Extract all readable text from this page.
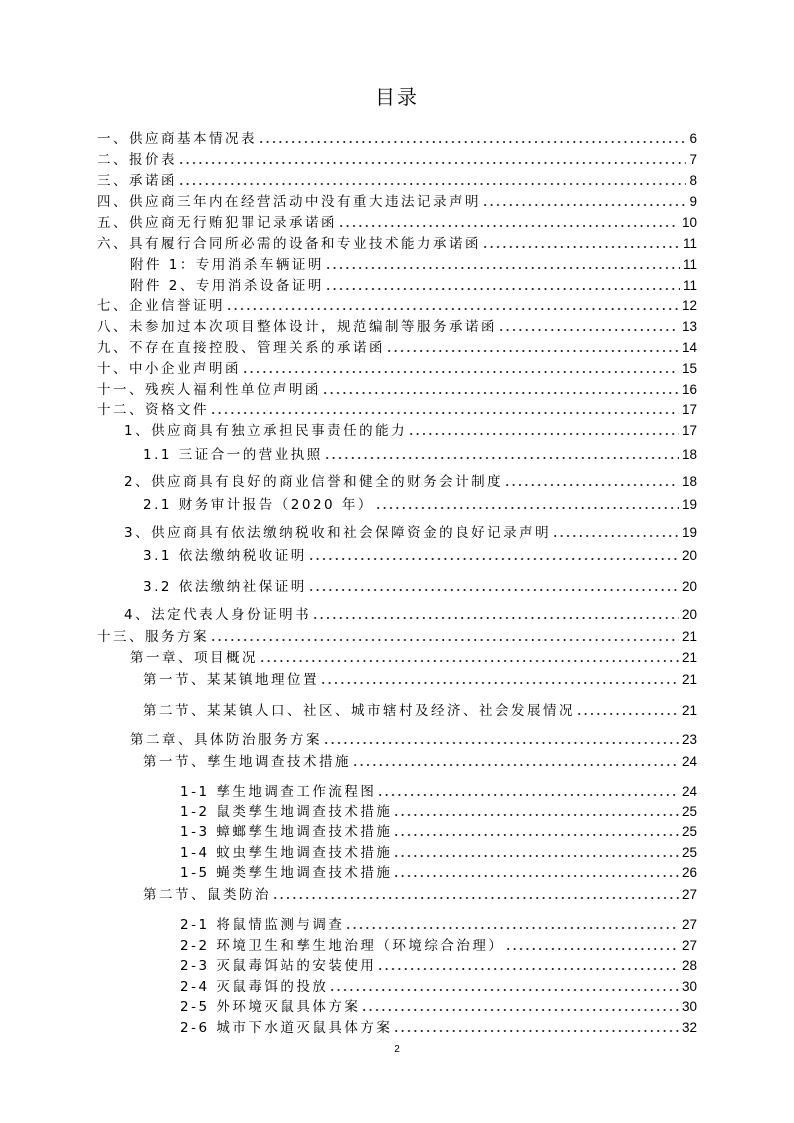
目录
一、供应商基本情况表	6
二、报价表	7
三、承诺函	8
四、供应商三年内在经营活动中没有重大违法记录声明	9
五、供应商无行贿犯罪记录承诺函	10
六、具有履行合同所必需的设备和专业技术能力承诺函	11
附件 1：专用消杀车辆证明	11
附件 2、专用消杀设备证明	11
七、企业信誉证明	12
八、未参加过本次项目整体设计，规范编制等服务承诺函	13
九、不存在直接控股、管理关系的承诺函	14
十、中小企业声明函	15
十一、残疾人福利性单位声明函	16
十二、资格文件	17
1、供应商具有独立承担民事责任的能力	17
1.1 三证合一的营业执照	18
2、供应商具有良好的商业信誉和健全的财务会计制度	18
2.1 财务审计报告（2020 年）	19
3、供应商具有依法缴纳税收和社会保障资金的良好记录声明	19
3.1 依法缴纳税收证明	20
3.2 依法缴纳社保证明	20
4、法定代表人身份证明书	20
十三、服务方案	21
第一章、项目概况	21
第一节、某某镇地理位置	21
第二节、某某镇人口、社区、城市辖村及经济、社会发展情况	21
第二章、具体防治服务方案	23
第一节、孳生地调查技术措施	24
1-1 孳生地调查工作流程图	24
1-2 鼠类孳生地调查技术措施	25
1-3 蟑螂孳生地调查技术措施	25
1-4 蚊虫孳生地调查技术措施	25
1-5 蝇类孳生地调查技术措施	26
第二节、鼠类防治	27
2-1 将鼠情监测与调查	27
2-2 环境卫生和孳生地治理（环境综合治理）	27
2-3 灭鼠毒饵站的安装使用	28
2-4 灭鼠毒饵的投放	30
2-5 外环境灭鼠具体方案	30
2-6 城市下水道灭鼠具体方案	32
2
